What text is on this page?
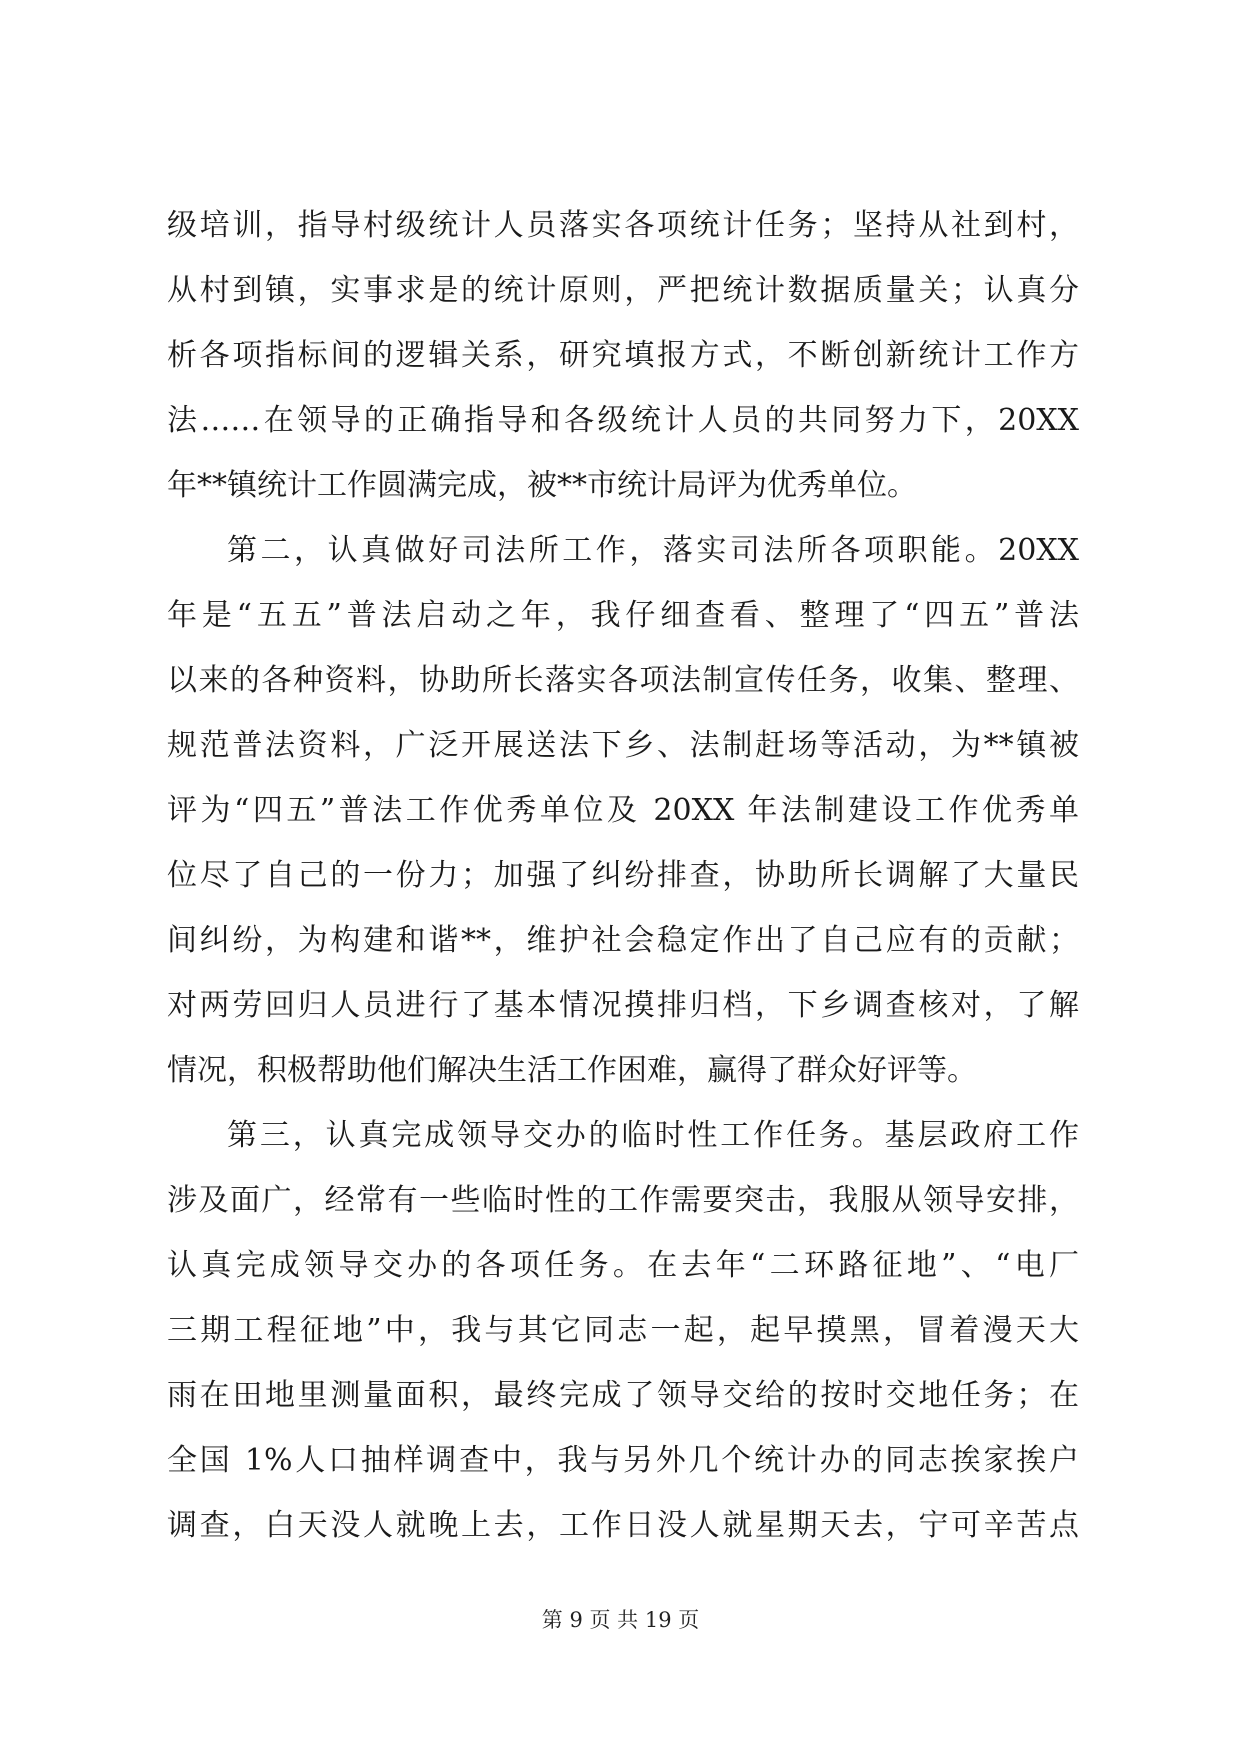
级培训，指导村级统计人员落实各项统计任务；坚持从社到村，
从村到镇，实事求是的统计原则，严把统计数据质量关；认真分
析各项指标间的逻辑关系，研究填报方式，不断创新统计工作方
法……在领导的正确指导和各级统计人员的共同努力下，20XX
年**镇统计工作圆满完成，被**市统计局评为优秀单位。
第二，认真做好司法所工作，落实司法所各项职能。20XX
年是“五五”普法启动之年，我仔细查看、整理了“四五”普法
以来的各种资料，协助所长落实各项法制宣传任务，收集、整理、
规范普法资料，广泛开展送法下乡、法制赶场等活动，为**镇被
评为“四五”普法工作优秀单位及 20XX 年法制建设工作优秀单
位尽了自己的一份力；加强了纠纷排查，协助所长调解了大量民
间纠纷，为构建和谐**，维护社会稳定作出了自己应有的贡献；
对两劳回归人员进行了基本情况摸排归档，下乡调查核对，了解
情况，积极帮助他们解决生活工作困难，赢得了群众好评等。
第三，认真完成领导交办的临时性工作任务。基层政府工作
涉及面广，经常有一些临时性的工作需要突击，我服从领导安排，
认真完成领导交办的各项任务。在去年“二环路征地”、“电厂
三期工程征地”中，我与其它同志一起，起早摸黑，冒着漫天大
雨在田地里测量面积，最终完成了领导交给的按时交地任务；在
全国 1%人口抽样调查中，我与另外几个统计办的同志挨家挨户
调查，白天没人就晚上去，工作日没人就星期天去，宁可辛苦点
第 9 页 共 19 页
